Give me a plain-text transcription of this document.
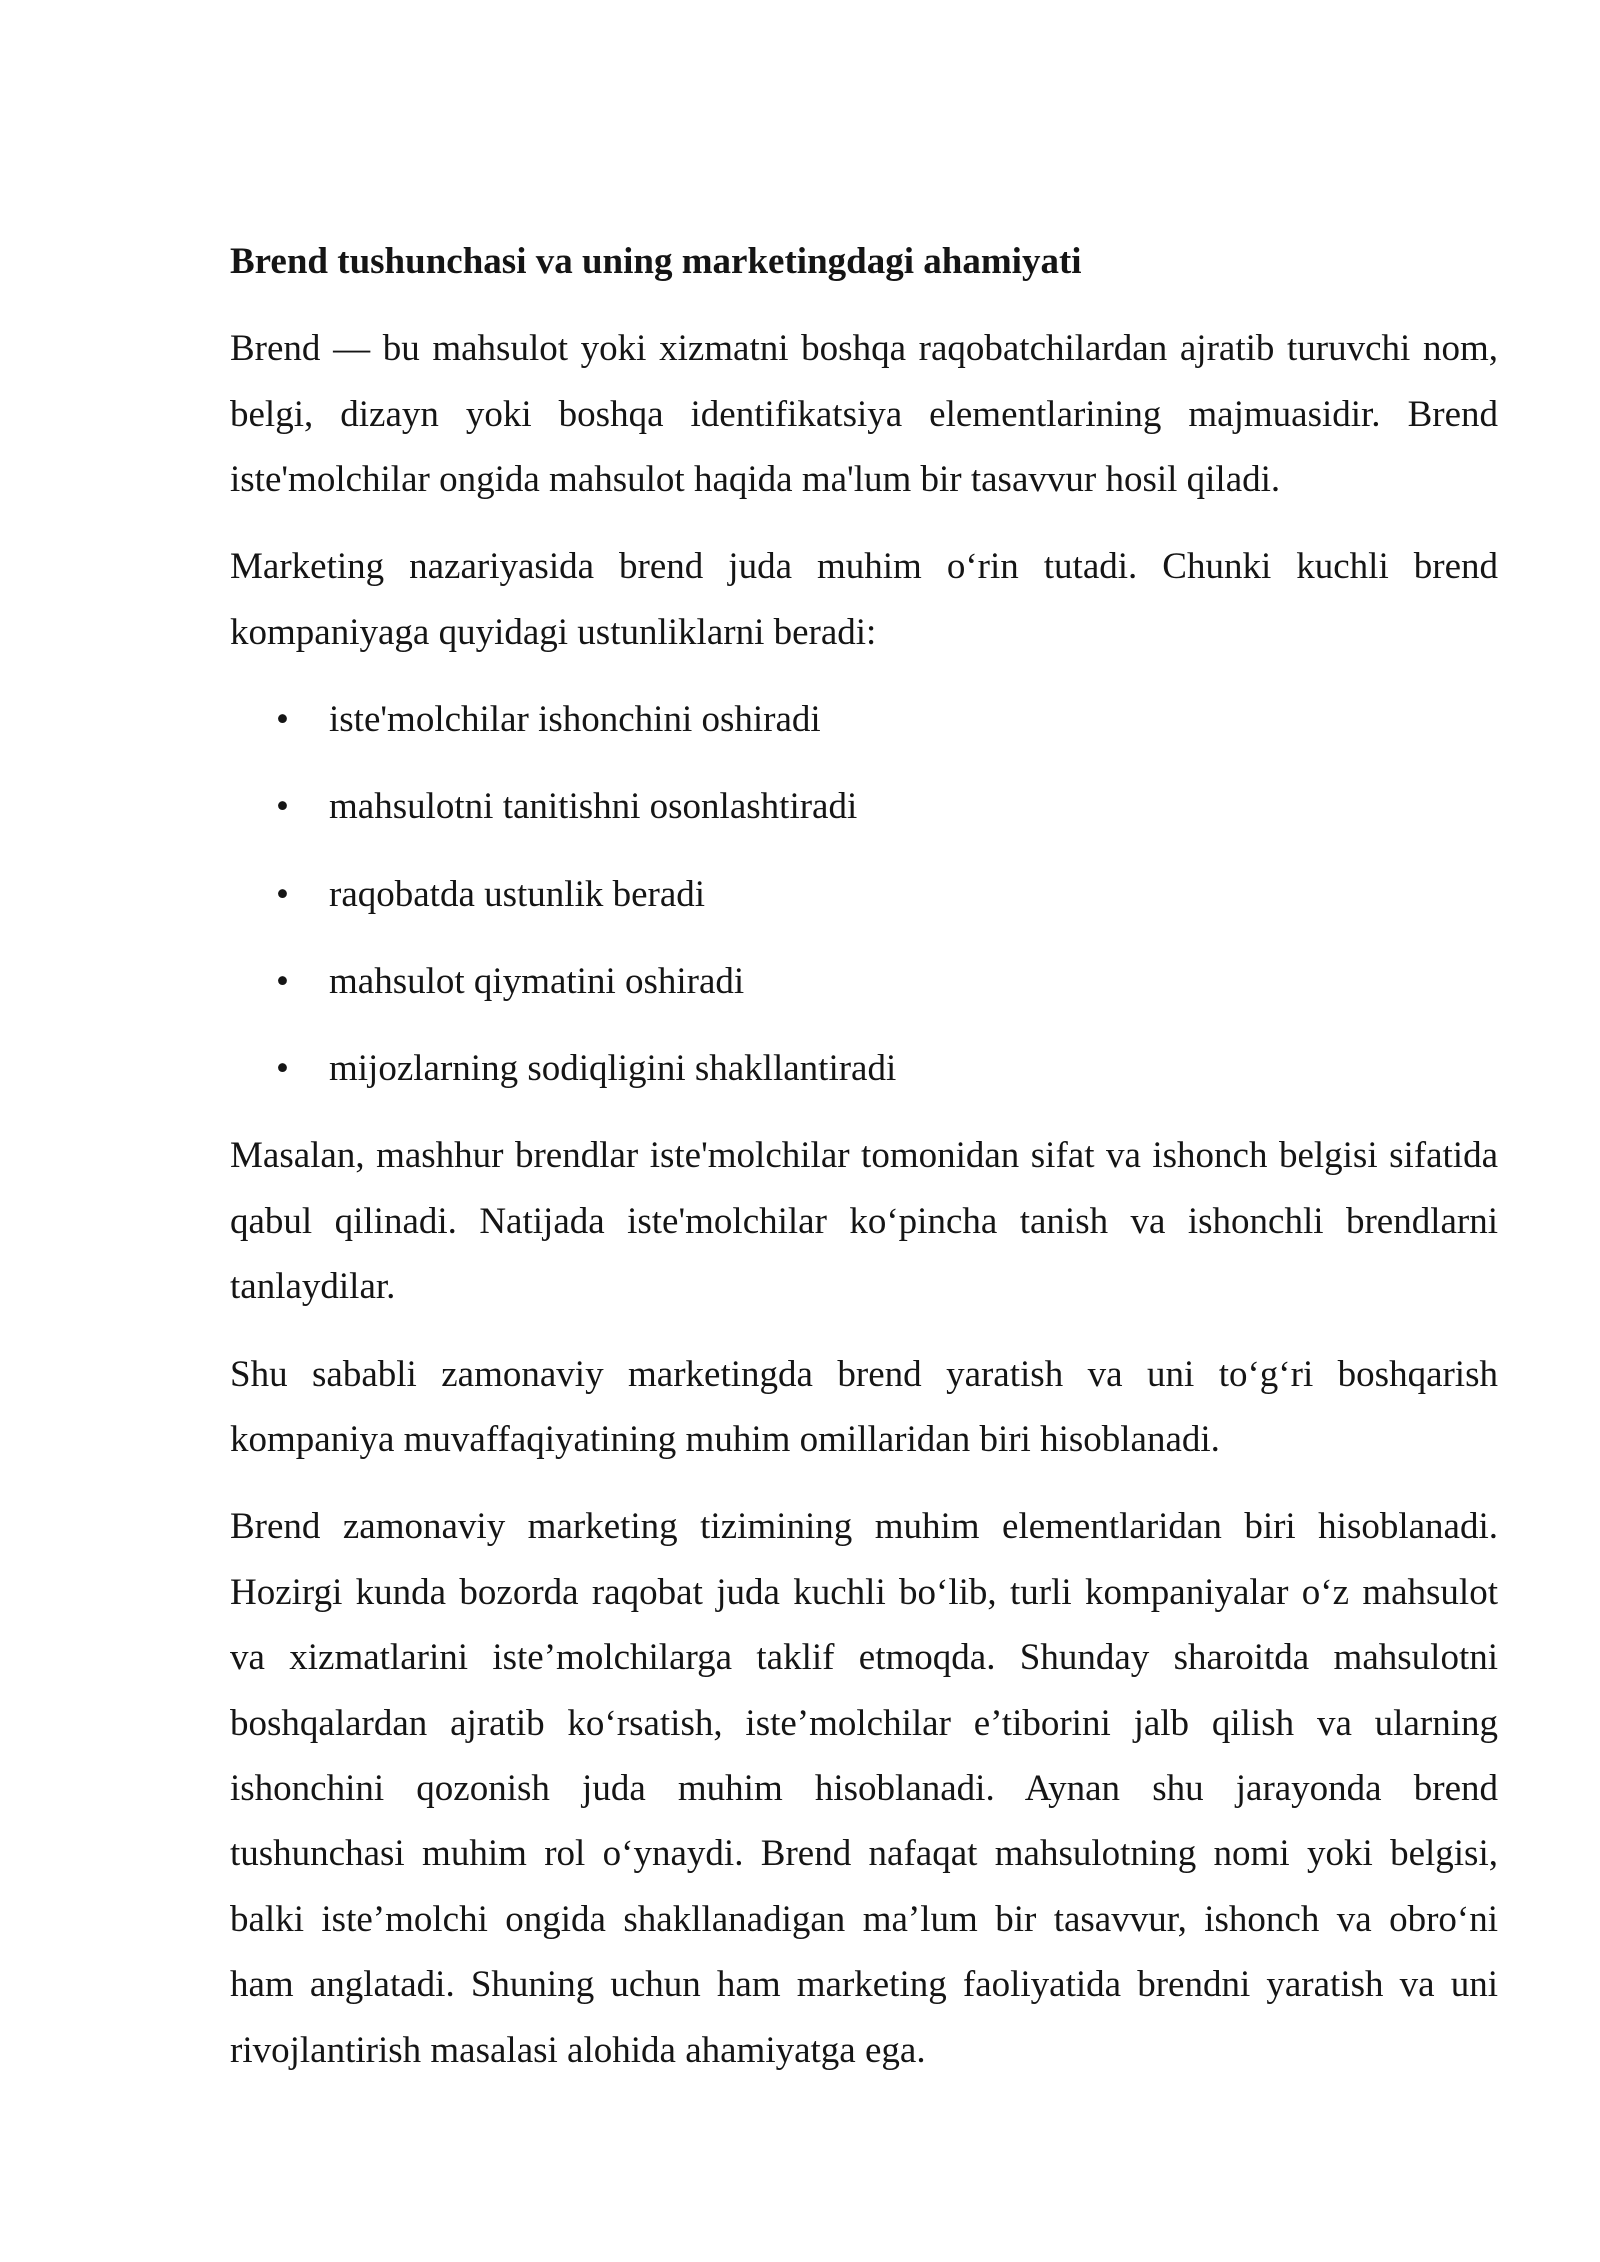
Brend tushunchasi va uning marketingdagi ahamiyati
Brend — bu mahsulot yoki xizmatni boshqa raqobatchilardan ajratib turuvchi nom,
belgi, dizayn yoki boshqa identifikatsiya elementlarining majmuasidir. Brend
iste'molchilar ongida mahsulot haqida ma'lum bir tasavvur hosil qiladi.
Marketing nazariyasida brend juda muhim o‘rin tutadi. Chunki kuchli brend
kompaniyaga quyidagi ustunliklarni beradi:
• iste'molchilar ishonchini oshiradi
• mahsulotni tanitishni osonlashtiradi
• raqobatda ustunlik beradi
• mahsulot qiymatini oshiradi
• mijozlarning sodiqligini shakllantiradi
Masalan, mashhur brendlar iste'molchilar tomonidan sifat va ishonch belgisi sifatida
qabul qilinadi. Natijada iste'molchilar ko‘pincha tanish va ishonchli brendlarni
tanlaydilar.
Shu sababli zamonaviy marketingda brend yaratish va uni to‘g‘ri boshqarish
kompaniya muvaffaqiyatining muhim omillaridan biri hisoblanadi.
Brend zamonaviy marketing tizimining muhim elementlaridan biri hisoblanadi.
Hozirgi kunda bozorda raqobat juda kuchli bo‘lib, turli kompaniyalar o‘z mahsulot
va xizmatlarini iste’molchilarga taklif etmoqda. Shunday sharoitda mahsulotni
boshqalardan ajratib ko‘rsatish, iste’molchilar e’tiborini jalb qilish va ularning
ishonchini qozonish juda muhim hisoblanadi. Aynan shu jarayonda brend
tushunchasi muhim rol o‘ynaydi. Brend nafaqat mahsulotning nomi yoki belgisi,
balki iste’molchi ongida shakllanadigan ma’lum bir tasavvur, ishonch va obro‘ni
ham anglatadi. Shuning uchun ham marketing faoliyatida brendni yaratish va uni
rivojlantirish masalasi alohida ahamiyatga ega.
